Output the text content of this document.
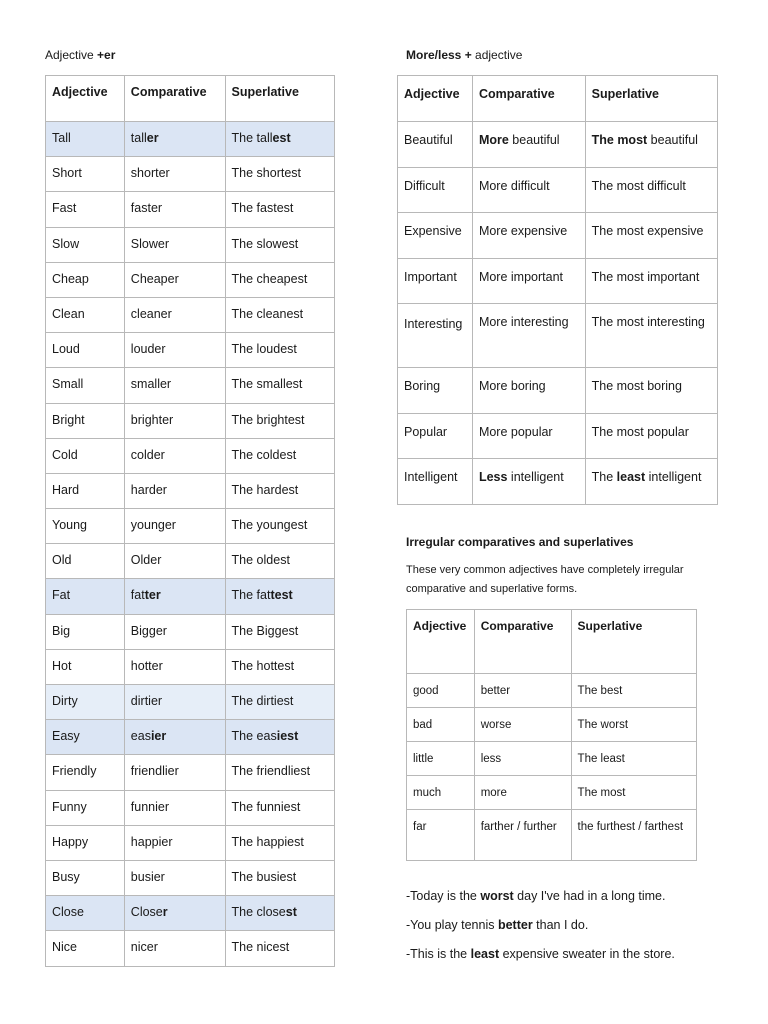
Adjective +er
Adjective	Comparative	Superlative
Tall	taller	The tallest
Short	shorter	The shortest
Fast	faster	The fastest
Slow	Slower	The slowest
Cheap	Cheaper	The cheapest
Clean	cleaner	The cleanest
Loud	louder	The loudest
Small	smaller	The smallest
Bright	brighter	The brightest
Cold	colder	The coldest
Hard	harder	The hardest
Young	younger	The youngest
Old	Older	The oldest
Fat	fatter	The fattest
Big	Bigger	The Biggest
Hot	hotter	The hottest
Dirty	dirtier	The dirtiest
Easy	easier	The easiest
Friendly	friendlier	The friendliest
Funny	funnier	The funniest
Happy	happier	The happiest
Busy	busier	The busiest
Close	Closer	The closest
Nice	nicer	The nicest
More/less + adjective
Adjective	Comparative	Superlative
Beautiful	More beautiful	The most beautiful
Difficult	More difficult	The most difficult
Expensive	More expensive	The most expensive
Important	More important	The most important
Interesting	More interesting	The most interesting
Boring	More boring	The most boring
Popular	More popular	The most popular
Intelligent	Less intelligent	The least intelligent
Irregular comparatives and superlatives
These very common adjectives have completely irregular comparative and superlative forms.
Adjective	Comparative	Superlative
good	better	The best
bad	worse	The worst
little	less	The least
much	more	The most
far	farther / further	the furthest / farthest
-Today is the worst day I've had in a long time.
-You play tennis better than I do.
-This is the least expensive sweater in the store.
